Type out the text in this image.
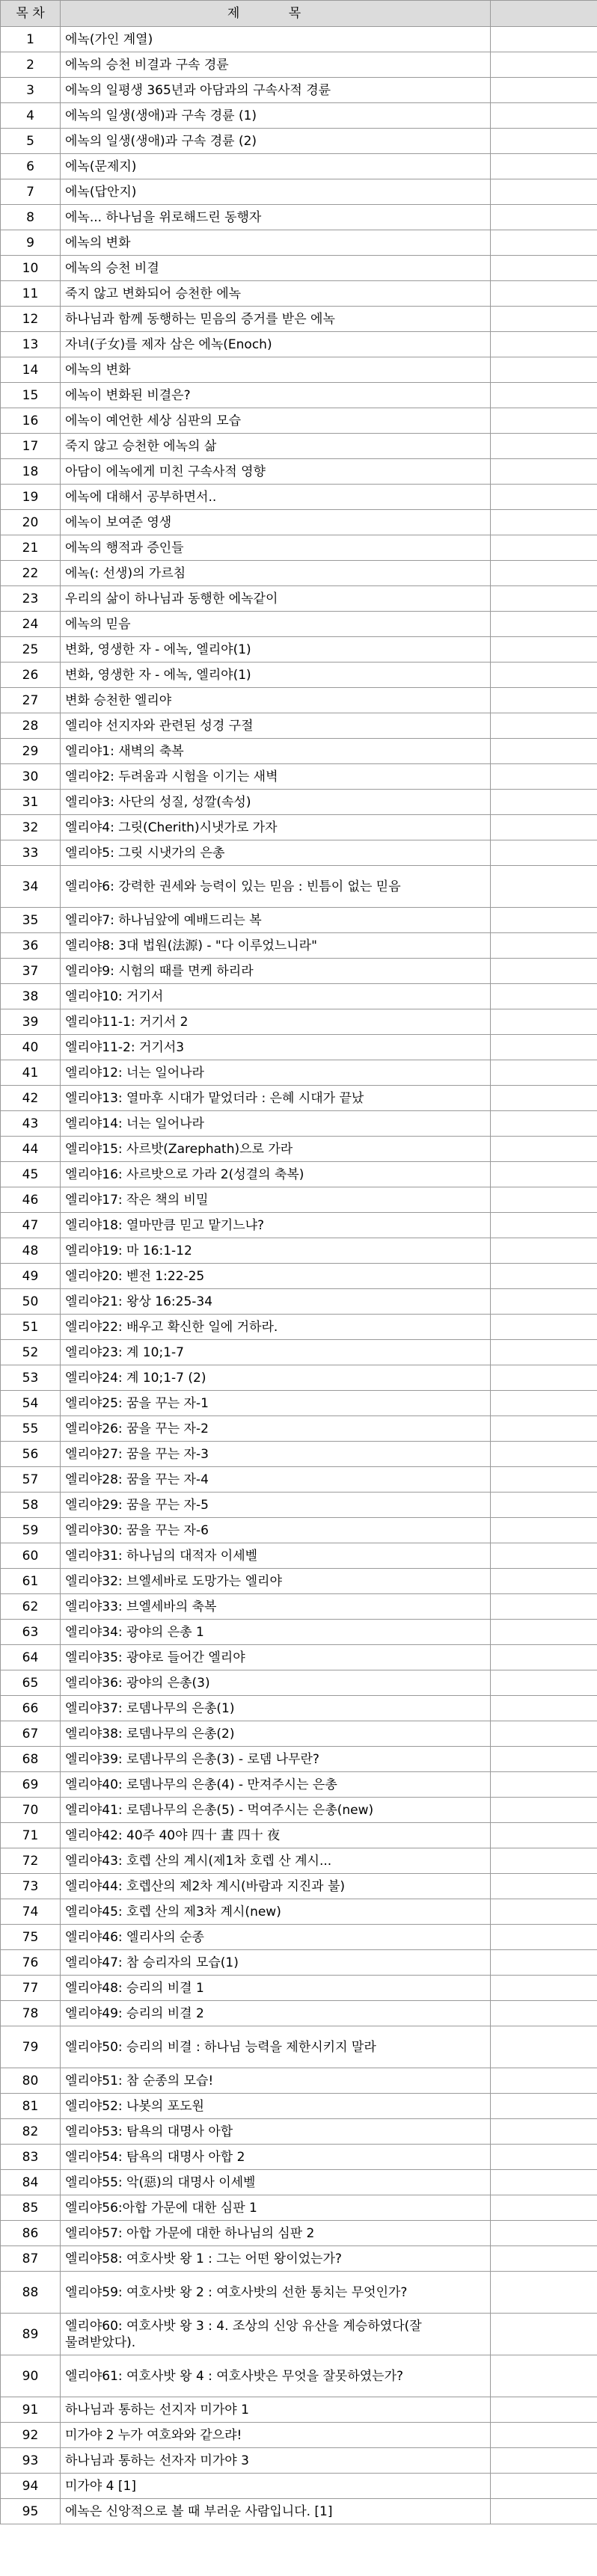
목 차	제 목	
1	에녹(가인 계열)	
2	에녹의 승천 비결과 구속 경륜	
3	에녹의 일평생 365년과 아담과의 구속사적 경륜	
4	에녹의 일생(생애)과 구속 경륜 (1)	
5	에녹의 일생(생애)과 구속 경륜 (2)	
6	에녹(문제지)	
7	에녹(답안지)	
8	에녹... 하나님을 위로해드린 동행자	
9	에녹의 변화	
10	에녹의 승천 비결	
11	죽지 않고 변화되어 승천한 에녹	
12	하나님과 함께 동행하는 믿음의 증거를 받은 에녹	
13	자녀(子女)를 제자 삼은 에녹(Enoch)	
14	에녹의 변화	
15	에녹이 변화된 비결은?	
16	에녹이 예언한 세상 심판의 모습	
17	죽지 않고 승천한 에녹의 삶	
18	아담이 에녹에게 미친 구속사적 영향	
19	에녹에 대해서 공부하면서..	
20	에녹이 보여준 영생	
21	에녹의 행적과 증인들	
22	에녹(: 선생)의 가르침	
23	우리의 삶이 하나님과 동행한 에녹같이	
24	에녹의 믿음	
25	변화, 영생한 자 - 에녹, 엘리야(1)	
26	변화, 영생한 자 - 에녹, 엘리야(1)	
27	변화 승천한 엘리야	
28	엘리야 선지자와 관련된 성경 구절	
29	엘리야1: 새벽의 축복	
30	엘리야2: 두려움과 시험을 이기는 새벽	
31	엘리야3: 사단의 성질, 성깔(속성)	
32	엘리야4: 그릿(Cherith)시냇가로 가자	
33	엘리야5: 그릿 시냇가의 은총	
34	엘리야6: 강력한 권세와 능력이 있는 믿음 : 빈틈이 없는 믿음	
35	엘리야7: 하나님앞에 예배드리는 복	
36	엘리야8: 3대 법원(法源) - "다 이루었느니라"	
37	엘리야9: 시험의 때를 면케 하리라	
38	엘리야10: 거기서	
39	엘리야11-1: 거기서 2	
40	엘리야11-2: 거기서3	
41	엘리야12: 너는 일어나라	
42	엘리야13: 열마후 시대가 맡었더라 : 은혜 시대가 끝났	
43	엘리야14: 너는 일어나라	
44	엘리야15: 사르밧(Zarephath)으로 가라	
45	엘리야16: 사르밧으로 가라 2(성결의 축복)	
46	엘리야17: 작은 책의 비밀	
47	엘리야18: 열마만큼 믿고 맡기느냐?	
48	엘리야19: 마 16:1-12	
49	엘리야20: 벧전 1:22-25	
50	엘리야21: 왕상 16:25-34	
51	엘리야22: 배우고 확신한 일에 거하라.	
52	엘리야23: 계 10;1-7	
53	엘리야24: 계 10;1-7 (2)	
54	엘리야25: 꿈을 꾸는 자-1	
55	엘리야26: 꿈을 꾸는 자-2	
56	엘리야27: 꿈을 꾸는 자-3	
57	엘리야28: 꿈을 꾸는 자-4	
58	엘리야29: 꿈을 꾸는 자-5	
59	엘리야30: 꿈을 꾸는 자-6	
60	엘리야31: 하나님의 대적자 이세벨	
61	엘리야32: 브엘세바로 도망가는 엘리야	
62	엘리야33: 브엘세바의 축복	
63	엘리야34: 광야의 은총 1	
64	엘리야35: 광야로 들어간 엘리야	
65	엘리야36: 광야의 은총(3)	
66	엘리야37: 로뎀나무의 은총(1)	
67	엘리야38: 로뎀나무의 은총(2)	
68	엘리야39: 로뎀나무의 은총(3) - 로뎀 나무란?	
69	엘리야40: 로뎀나무의 은총(4) - 만져주시는 은총	
70	엘리야41: 로뎀나무의 은총(5) - 먹여주시는 은총(new)	
71	엘리야42: 40주 40야 四十 晝 四十 夜	
72	엘리야43: 호렙 산의 계시(제1차 호렙 산 계시...	
73	엘리야44: 호렙산의 제2차 계시(바람과 지진과 불)	
74	엘리야45: 호렙 산의 제3차 계시(new)	
75	엘리야46: 엘리사의 순종	
76	엘리야47: 참 승리자의 모습(1)	
77	엘리야48: 승리의 비결 1	
78	엘리야49: 승리의 비결 2	
79	엘리야50: 승리의 비결 : 하나님 능력을 제한시키지 말라	
80	엘리야51: 참 순종의 모습!	
81	엘리야52: 나봇의 포도원	
82	엘리야53: 탐욕의 대명사 아합	
83	엘리야54: 탐욕의 대명사 아합 2	
84	엘리야55: 악(惡)의 대명사 이세벨	
85	엘리야56:아합 가문에 대한 심판 1	
86	엘리야57: 아합 가문에 대한 하나님의 심판 2	
87	엘리야58: 여호사밧 왕 1 : 그는 어떤 왕이었는가?	
88	엘리야59: 여호사밧 왕 2 : 여호사밧의 선한 통치는 무엇인가?	
89	엘리야60: 여호사밧 왕 3 : 4. 조상의 신앙 유산을 계승하였다(잘 물려받았다).	
90	엘리야61: 여호사밧 왕 4 : 여호사밧은 무엇을 잘못하였는가?	
91	하나님과 통하는 선지자 미가야 1	
92	미가야 2 누가 여호와와 같으랴!	
93	하나님과 통하는 선자자 미가야 3	
94	미가야 4 [1]	
95	에녹은 신앙적으로 볼 때 부러운 사람입니다. [1]	
